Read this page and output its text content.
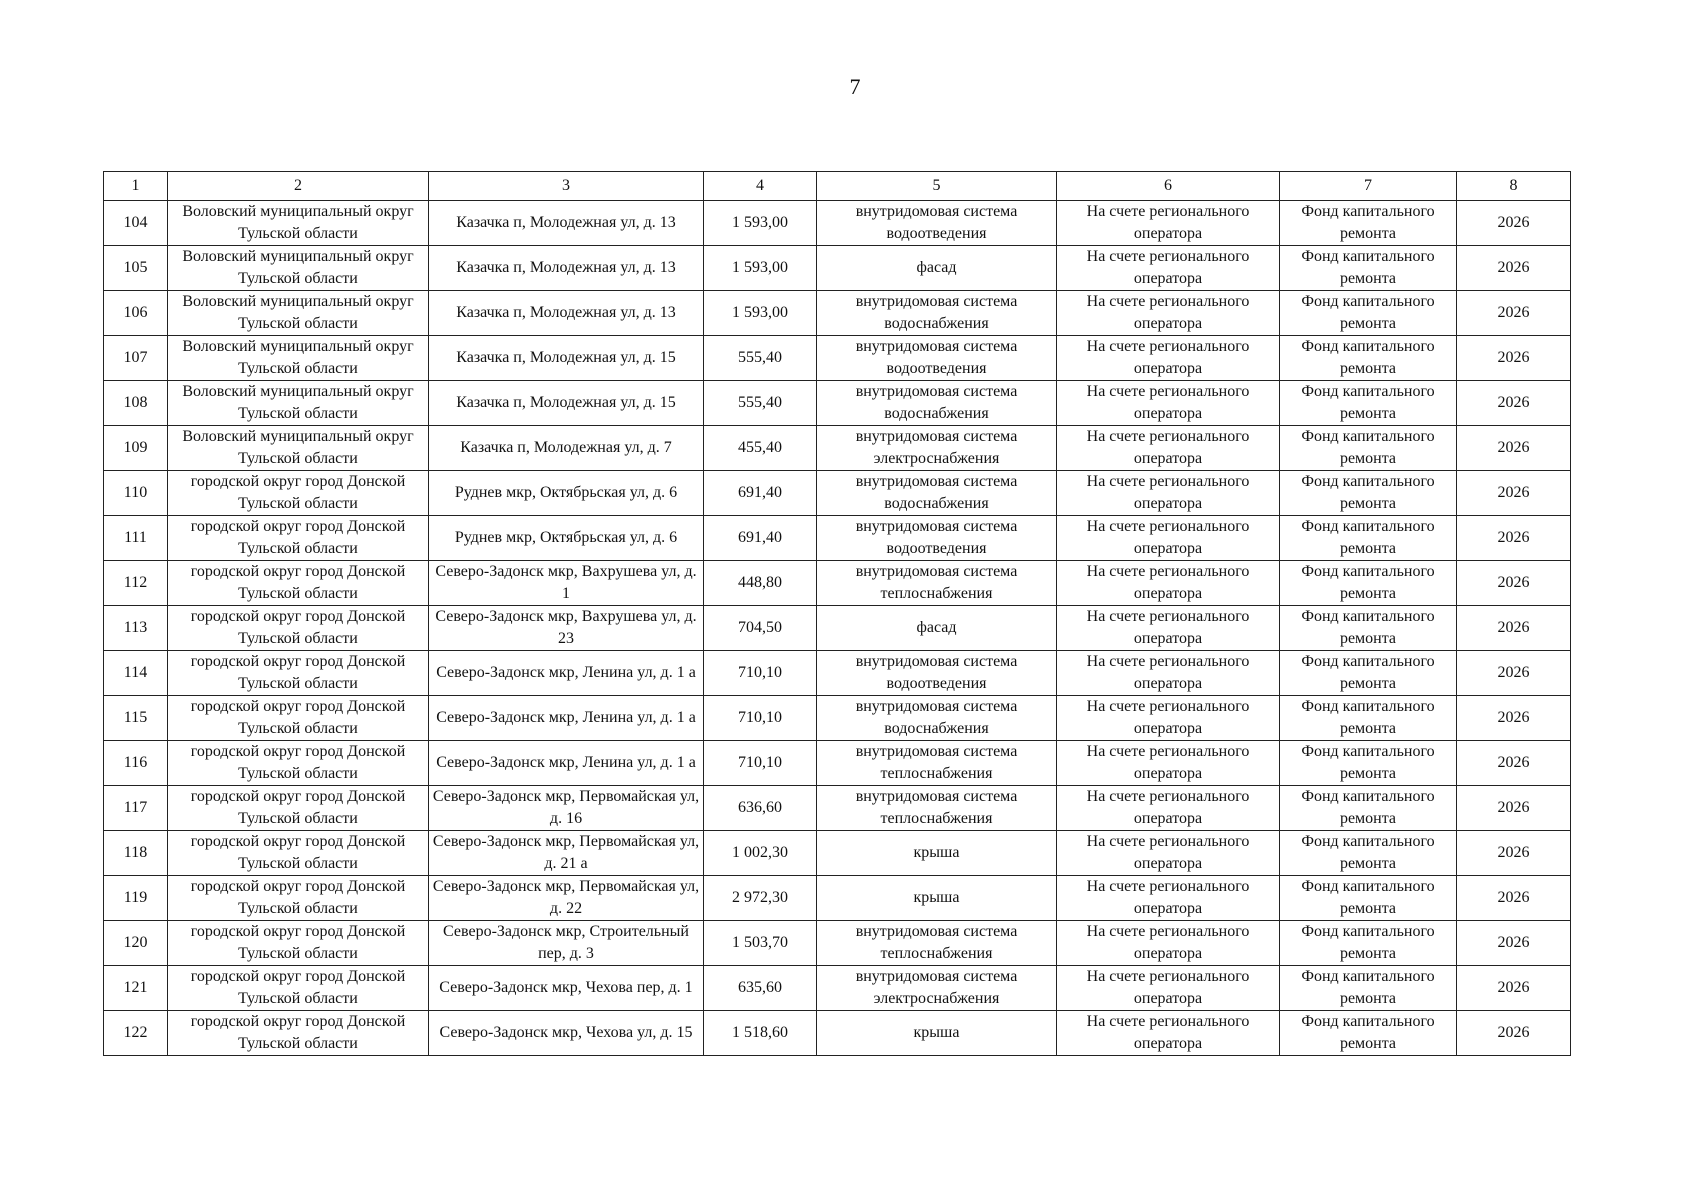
7
1	2	3	4	5	6	7	8
104	Воловский муниципальный округ Тульской области	Казачка п, Молодежная ул, д. 13	1 593,00	внутридомовая система водоотведения	На счете регионального оператора	Фонд капитального ремонта	2026
105	Воловский муниципальный округ Тульской области	Казачка п, Молодежная ул, д. 13	1 593,00	фасад	На счете регионального оператора	Фонд капитального ремонта	2026
106	Воловский муниципальный округ Тульской области	Казачка п, Молодежная ул, д. 13	1 593,00	внутридомовая система водоснабжения	На счете регионального оператора	Фонд капитального ремонта	2026
107	Воловский муниципальный округ Тульской области	Казачка п, Молодежная ул, д. 15	555,40	внутридомовая система водоотведения	На счете регионального оператора	Фонд капитального ремонта	2026
108	Воловский муниципальный округ Тульской области	Казачка п, Молодежная ул, д. 15	555,40	внутридомовая система водоснабжения	На счете регионального оператора	Фонд капитального ремонта	2026
109	Воловский муниципальный округ Тульской области	Казачка п, Молодежная ул, д. 7	455,40	внутридомовая система электроснабжения	На счете регионального оператора	Фонд капитального ремонта	2026
110	городской округ город Донской Тульской области	Руднев мкр, Октябрьская ул, д. 6	691,40	внутридомовая система водоснабжения	На счете регионального оператора	Фонд капитального ремонта	2026
111	городской округ город Донской Тульской области	Руднев мкр, Октябрьская ул, д. 6	691,40	внутридомовая система водоотведения	На счете регионального оператора	Фонд капитального ремонта	2026
112	городской округ город Донской Тульской области	Северо-Задонск мкр, Вахрушева ул, д. 1	448,80	внутридомовая система теплоснабжения	На счете регионального оператора	Фонд капитального ремонта	2026
113	городской округ город Донской Тульской области	Северо-Задонск мкр, Вахрушева ул, д. 23	704,50	фасад	На счете регионального оператора	Фонд капитального ремонта	2026
114	городской округ город Донской Тульской области	Северо-Задонск мкр, Ленина ул, д. 1 а	710,10	внутридомовая система водоотведения	На счете регионального оператора	Фонд капитального ремонта	2026
115	городской округ город Донской Тульской области	Северо-Задонск мкр, Ленина ул, д. 1 а	710,10	внутридомовая система водоснабжения	На счете регионального оператора	Фонд капитального ремонта	2026
116	городской округ город Донской Тульской области	Северо-Задонск мкр, Ленина ул, д. 1 а	710,10	внутридомовая система теплоснабжения	На счете регионального оператора	Фонд капитального ремонта	2026
117	городской округ город Донской Тульской области	Северо-Задонск мкр, Первомайская ул, д. 16	636,60	внутридомовая система теплоснабжения	На счете регионального оператора	Фонд капитального ремонта	2026
118	городской округ город Донской Тульской области	Северо-Задонск мкр, Первомайская ул, д. 21 а	1 002,30	крыша	На счете регионального оператора	Фонд капитального ремонта	2026
119	городской округ город Донской Тульской области	Северо-Задонск мкр, Первомайская ул, д. 22	2 972,30	крыша	На счете регионального оператора	Фонд капитального ремонта	2026
120	городской округ город Донской Тульской области	Северо-Задонск мкр, Строительный пер, д. 3	1 503,70	внутридомовая система теплоснабжения	На счете регионального оператора	Фонд капитального ремонта	2026
121	городской округ город Донской Тульской области	Северо-Задонск мкр, Чехова пер, д. 1	635,60	внутридомовая система электроснабжения	На счете регионального оператора	Фонд капитального ремонта	2026
122	городской округ город Донской Тульской области	Северо-Задонск мкр, Чехова ул, д. 15	1 518,60	крыша	На счете регионального оператора	Фонд капитального ремонта	2026
